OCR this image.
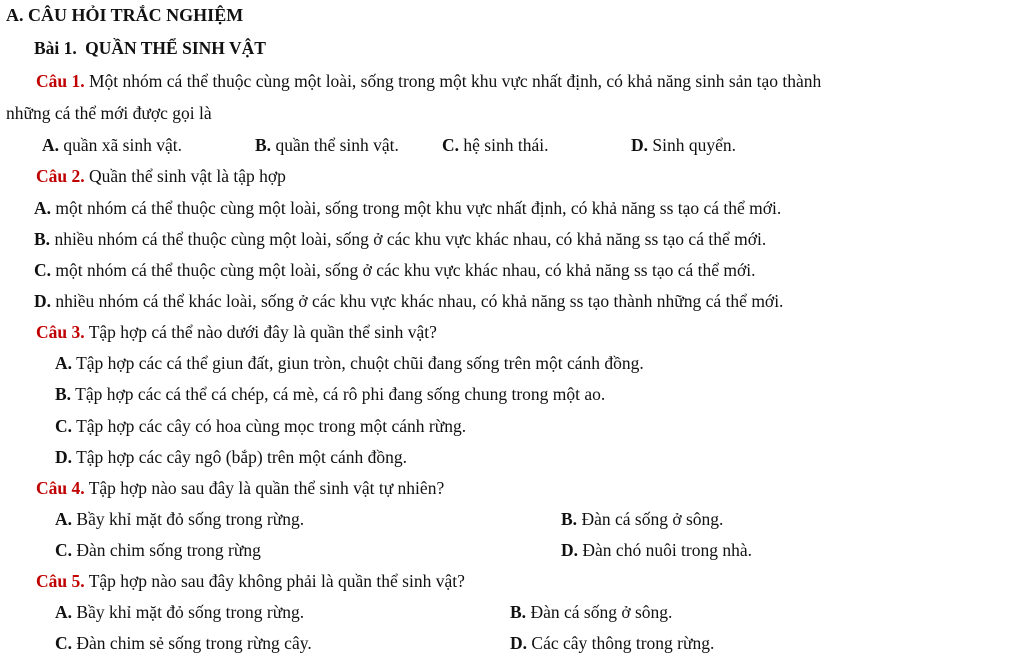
A. CÂU HỎI TRẮC NGHIỆM
Bài 1. QUẦN THỂ SINH VẬT
Câu 1. Một nhóm cá thể thuộc cùng một loài, sống trong một khu vực nhất định, có khả năng sinh sản tạo thành
những cá thể mới được gọi là
A. quần xã sinh vật.	B. quần thể sinh vật. C. hệ sinh thái.	D. Sinh quyển.
Câu 2. Quần thể sinh vật là tập hợp
A. một nhóm cá thể thuộc cùng một loài, sống trong một khu vực nhất định, có khả năng ss tạo cá thể mới.
B. nhiều nhóm cá thể thuộc cùng một loài, sống ở các khu vực khác nhau, có khả năng ss tạo cá thể mới.
C. một nhóm cá thể thuộc cùng một loài, sống ở các khu vực khác nhau, có khả năng ss tạo cá thể mới.
D. nhiều nhóm cá thể khác loài, sống ở các khu vực khác nhau, có khả năng ss tạo thành những cá thể mới.
Câu 3. Tập hợp cá thể nào dưới đây là quần thể sinh vật?
A. Tập hợp các cá thể giun đất, giun tròn, chuột chũi đang sống trên một cánh đồng.
B. Tập hợp các cá thể cá chép, cá mè, cá rô phi đang sống chung trong một ao.
C. Tập hợp các cây có hoa cùng mọc trong một cánh rừng.
D. Tập hợp các cây ngô (bắp) trên một cánh đồng.
Câu 4. Tập hợp nào sau đây là quần thể sinh vật tự nhiên?
A. Bầy khỉ mặt đỏ sống trong rừng.	B. Đàn cá sống ở sông.
C. Đàn chim sống trong rừng	D. Đàn chó nuôi trong nhà.
Câu 5. Tập hợp nào sau đây không phải là quần thể sinh vật?
A. Bầy khỉ mặt đỏ sống trong rừng.	B. Đàn cá sống ở sông.
C. Đàn chim sẻ sống trong rừng cây.	D. Các cây thông trong rừng.
